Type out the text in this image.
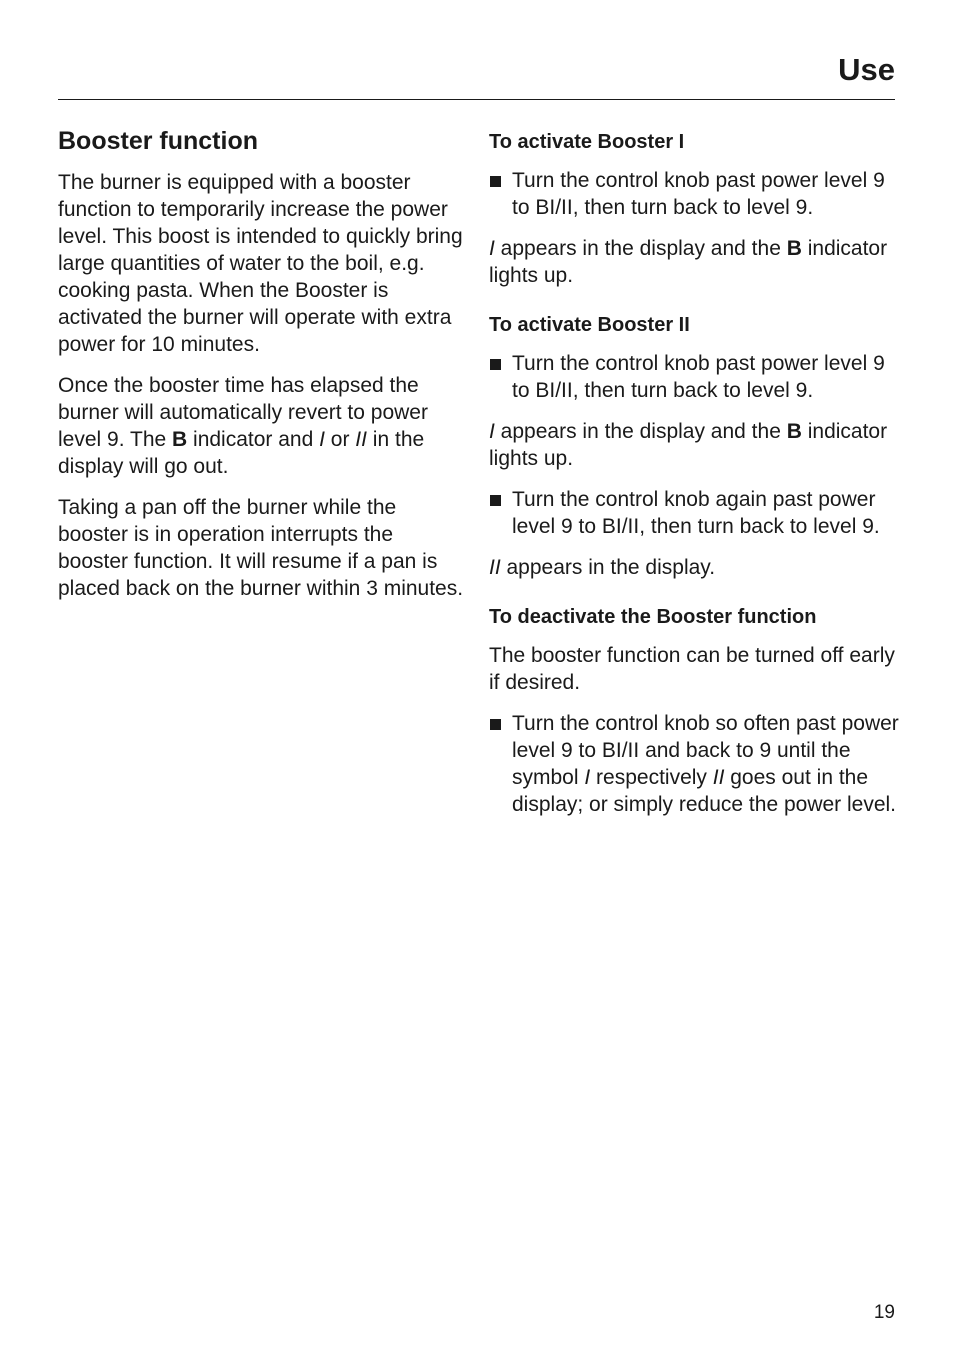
Use
Booster function

The burner is equipped with a booster function to temporarily increase the power level. This boost is intended to quickly bring large quantities of water to the boil, e.g. cooking pasta. When the Booster is activated the burner will operate with extra power for 10 minutes.

Once the booster time has elapsed the burner will automatically revert to power level 9. The B indicator and I or II in the display will go out.

Taking a pan off the burner while the booster is in operation interrupts the booster function. It will resume if a pan is placed back on the burner within 3 minutes.

To activate Booster I
Turn the control knob past power level 9 to BI/II, then turn back to level 9.

I appears in the display and the B indicator lights up.

To activate Booster II
Turn the control knob past power level 9 to BI/II, then turn back to level 9.

I appears in the display and the B indicator lights up.

Turn the control knob again past power level 9 to BI/II, then turn back to level 9.

II appears in the display.

To deactivate the Booster function

The booster function can be turned off early if desired.

Turn the control knob so often past power level 9 to BI/II and back to 9 until the symbol I respectively II goes out in the display; or simply reduce the power level.
19
